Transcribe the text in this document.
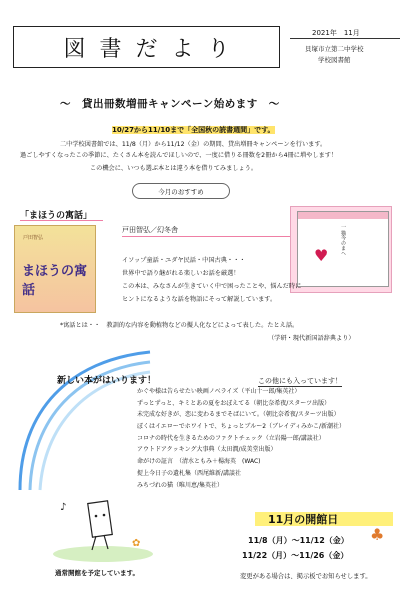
図書だより
2021年　11月
貝塚市立第二中学校
学校図書館
～　貸出冊数増冊キャンペーン始めます　～
10/27から11/10まで「全国秋の読書週間」です。
二中学校図書館では、11/8（月）から11/12（金）の期間、貸出増冊キャンペーンを行います。
過ごしやすくなったこの季節に、たくさん本を読んでほしいので、一度に借りる冊数を2冊から4冊に増やします！
この機会に、いつも選ぶ本とは違う本を借りてみましょう。
今月のおすすめ
「まほうの寓話」
戸田智弘／幻冬舎
戸田智弘
まほうの寓話
一 猫今のまへ
♥
イソップ童話・ユダヤ民話・中国古典・・・
世界中で語り継がれる楽しいお話を厳選！
この本は、みなさんが生きていく中で困ったことや、悩んだ時に
ヒントになるような話を物語にそって解説しています。
*寓話とは・・　教訓的な内容を動植物などの擬人化などによって表した。たとえ話。
（学研・現代新国語辞典より）
新しい本がはいります！	この他にも入っています！
かぐや様は告らせたい映画ノベライズ（平山十一郎/集英社）
ずっとずっと、キミとあの夏をおぼえてる（朝比奈希夜/スターツ出版）
未完成な好きが、恋に変わるまでそばにいて。（朝比奈希夜/スターツ出版）
ぼくはイエローでホワイトで、ちょっとブルー2（ブレイディみかこ/新潮社）
コロナの時代を生きるためのファクトチェック（立岩陽一郎/講談社）
アウトドアクッキング大事典（太田潤/成美堂出版）
命がけの証言　（清水ともみ＋楊海英　(WAC)
捉上今日子の遺札集（西尾維新/講談社
みちづれの猫（唯川恵/集英社）
♪
✿
11月の開館日
11/8（月）～11/12（金）
11/22（月）～11/26（金）
♣
通常開館を予定しています。	変更がある場合は、掲示板でお知らせします。
